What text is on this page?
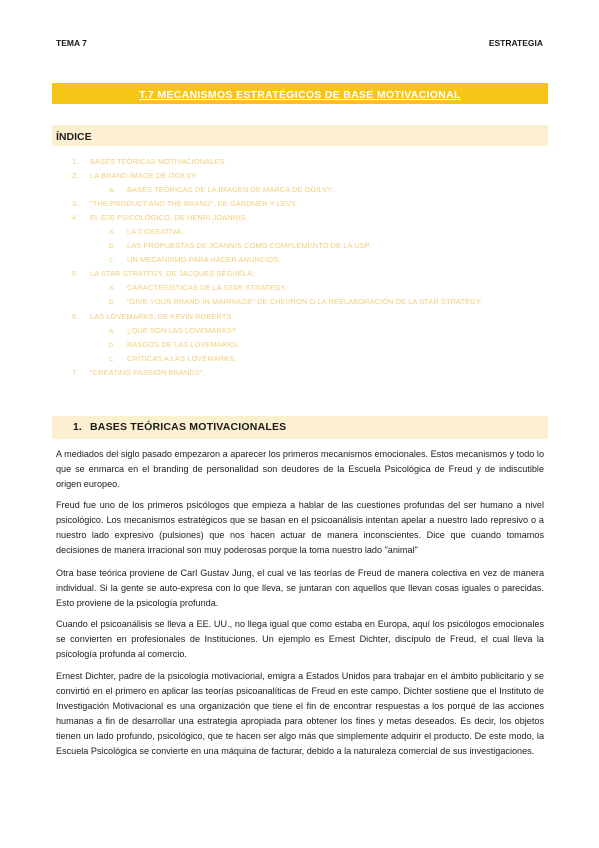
TEMA 7	ESTRATEGIA
T.7 MECANISMOS ESTRATÉGICOS DE BASE MOTIVACIONAL
ÍNDICE
1. BASES TEÓRICAS MOTIVACIONALES.
2. LA BRAND IMAGE DE OGILVY.
a. BASES TEÓRICAS DE LA IMAGEN DE MARCA DE OGILVY.
3. "THE PRODUCT AND THE BRAND", DE GARDNER Y LEVY.
4. EL EJE PSICOLÓGICO, DE HENRI JOANNIS.
a. LA 2 CREATIVA.
b. LAS PROPUESTAS DE JOANNIS COMO COMPLEMENTO DE LA USP.
c. UN MECANISMO PARA HACER ANUNCIOS.
5. LA STAR STRATEGY, DE JACQUES SÉGUÉLA.
a. CARACTERÍSTICAS DE LA STAR STRATEGY.
b. "GIVE YOUR BRAND IN MARRIAGE" DE CHEVRON O LA REELABORACIÓN DE LA STAR STRATEGY.
6. LAS LOVEMARKS, DE KEVIN ROBERTS.
a. ¿QUÉ SON LAS LOVEMARKS?
b. RASGOS DE LAS LOVEMARKS.
c. CRÍTICAS A LAS LOVEMARKS.
7. "CREATING PASSION BRANDS".
1. BASES TEÓRICAS MOTIVACIONALES

A mediados del siglo pasado empezaron a aparecer los primeros mecanismos emocionales. Estos mecanismos y todo lo que se enmarca en el branding de personalidad son deudores de la Escuela Psicológica de Freud y de indiscutible origen europeo.

Freud fue uno de los primeros psicólogos que empieza a hablar de las cuestiones profundas del ser humano a nivel psicológico. Los mecanismos estratégicos que se basan en el psicoanálisis intentan apelar a nuestro lado represivo o a nuestro lado expresivo (pulsiones) que nos hacen actuar de manera inconscientes. Dice que cuando tomamos decisiones de manera irracional son muy poderosas porque la toma nuestro lado "animal"

Otra base teórica proviene de Carl Gustav Jung, el cual ve las teorías de Freud de manera colectiva en vez de manera individual. Si la gente se auto-expresa con lo que lleva, se juntaran con aquellos que llevan cosas iguales o parecidas. Esto proviene de la psicología profunda.

Cuando el psicoanálisis se lleva a EE. UU., no llega igual que como estaba en Europa, aquí los psicólogos emocionales se convierten en profesionales de Instituciones. Un ejemplo es Ernest Dichter, discípulo de Freud, el cual lleva la psicología profunda al comercio.

Ernest Dichter, padre de la psicología motivacional, emigra a Estados Unidos para trabajar en el ámbito publicitario y se convirtió en el primero en aplicar las teorías psicoanalíticas de Freud en este campo. Dichter sostiene que el Instituto de Investigación Motivacional es una organización que tiene el fin de encontrar respuestas a los porqué de las acciones humanas a fin de desarrollar una estrategia apropiada para obtener los fines y metas deseados. Es decir, los objetos tienen un lado profundo, psicológico, que te hacen ser algo más que simplemente adquirir el producto. De este modo, la Escuela Psicológica se convierte en una máquina de facturar, debido a la naturaleza comercial de sus investigaciones.
